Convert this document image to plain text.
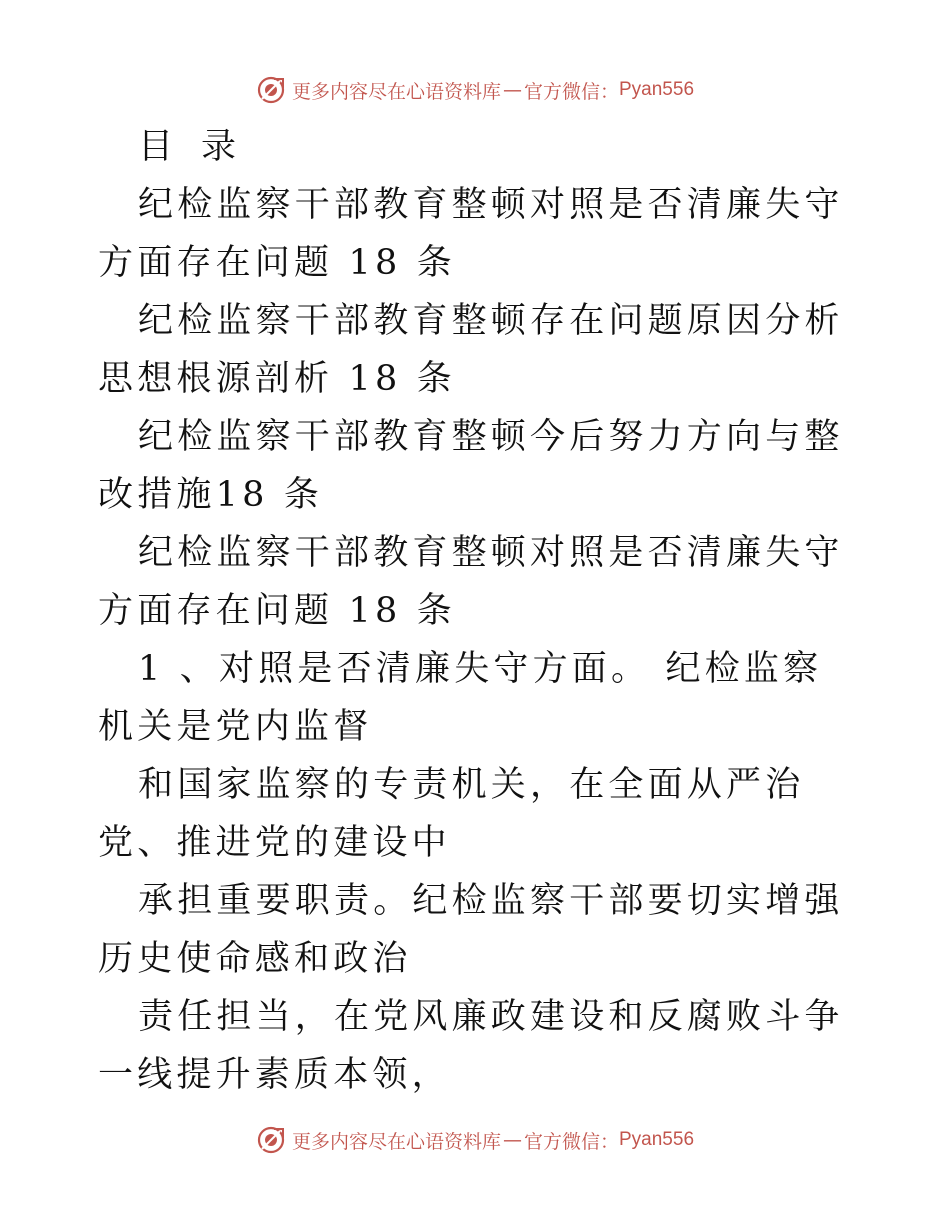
更多内容尽在心语资料库 — 官方微信： Pyan556

目录

纪检监察干部教育整顿对照是否清廉失守方面存在问题 18 条

纪检监察干部教育整顿存在问题原因分析思想根源剖析 18 条

纪检监察干部教育整顿今后努力方向与整改措施18 条

纪检监察干部教育整顿对照是否清廉失守方面存在问题 18 条

1 、对照是否清廉失守方面。 纪检监察机关是党内监督

和国家监察的专责机关，在全面从严治党、推进党的建设中

承担重要职责。纪检监察干部要切实增强历史使命感和政治

责任担当，在党风廉政建设和反腐败斗争一线提升素质本领，

更多内容尽在心语资料库 — 官方微信： Pyan556
